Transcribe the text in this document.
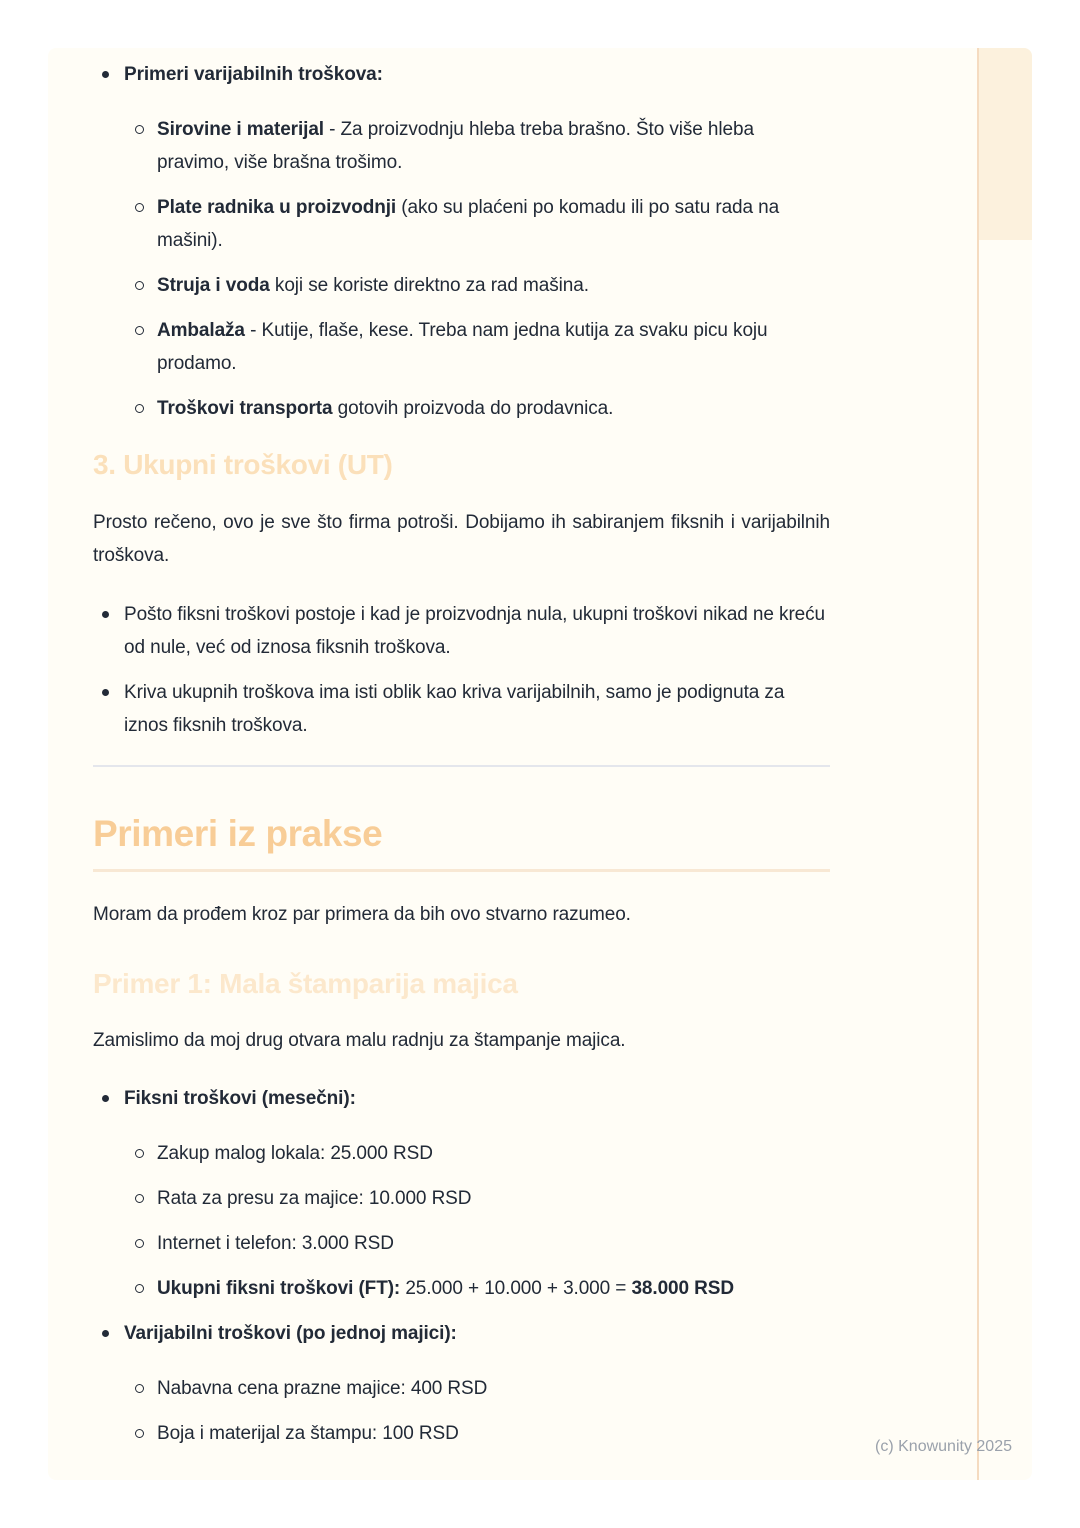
Primeri varijabilnih troškova:
Sirovine i materijal - Za proizvodnju hleba treba brašno. Što više hleba pravimo, više brašna trošimo.
Plate radnika u proizvodnji (ako su plaćeni po komadu ili po satu rada na mašini).
Struja i voda koji se koriste direktno za rad mašina.
Ambalaža - Kutije, flaše, kese. Treba nam jedna kutija za svaku picu koju prodamo.
Troškovi transporta gotovih proizvoda do prodavnica.
3. Ukupni troškovi (UT)

Prosto rečeno, ovo je sve što firma potroši. Dobijamo ih sabiranjem fiksnih i varijabilnih troškova.

Pošto fiksni troškovi postoje i kad je proizvodnja nula, ukupni troškovi nikad ne kreću od nule, već od iznosa fiksnih troškova.
Kriva ukupnih troškova ima isti oblik kao kriva varijabilnih, samo je podignuta za iznos fiksnih troškova.
Primeri iz prakse

Moram da prođem kroz par primera da bih ovo stvarno razumeo.

Primer 1: Mala štamparija majica

Zamislimo da moj drug otvara malu radnju za štampanje majica.

Fiksni troškovi (mesečni):
Zakup malog lokala: 25.000 RSD
Rata za presu za majice: 10.000 RSD
Internet i telefon: 3.000 RSD
Ukupni fiksni troškovi (FT): 25.000 + 10.000 + 3.000 = 38.000 RSD
Varijabilni troškovi (po jednoj majici):
Nabavna cena prazne majice: 400 RSD
Boja i materijal za štampu: 100 RSD
(c) Knowunity 2025
